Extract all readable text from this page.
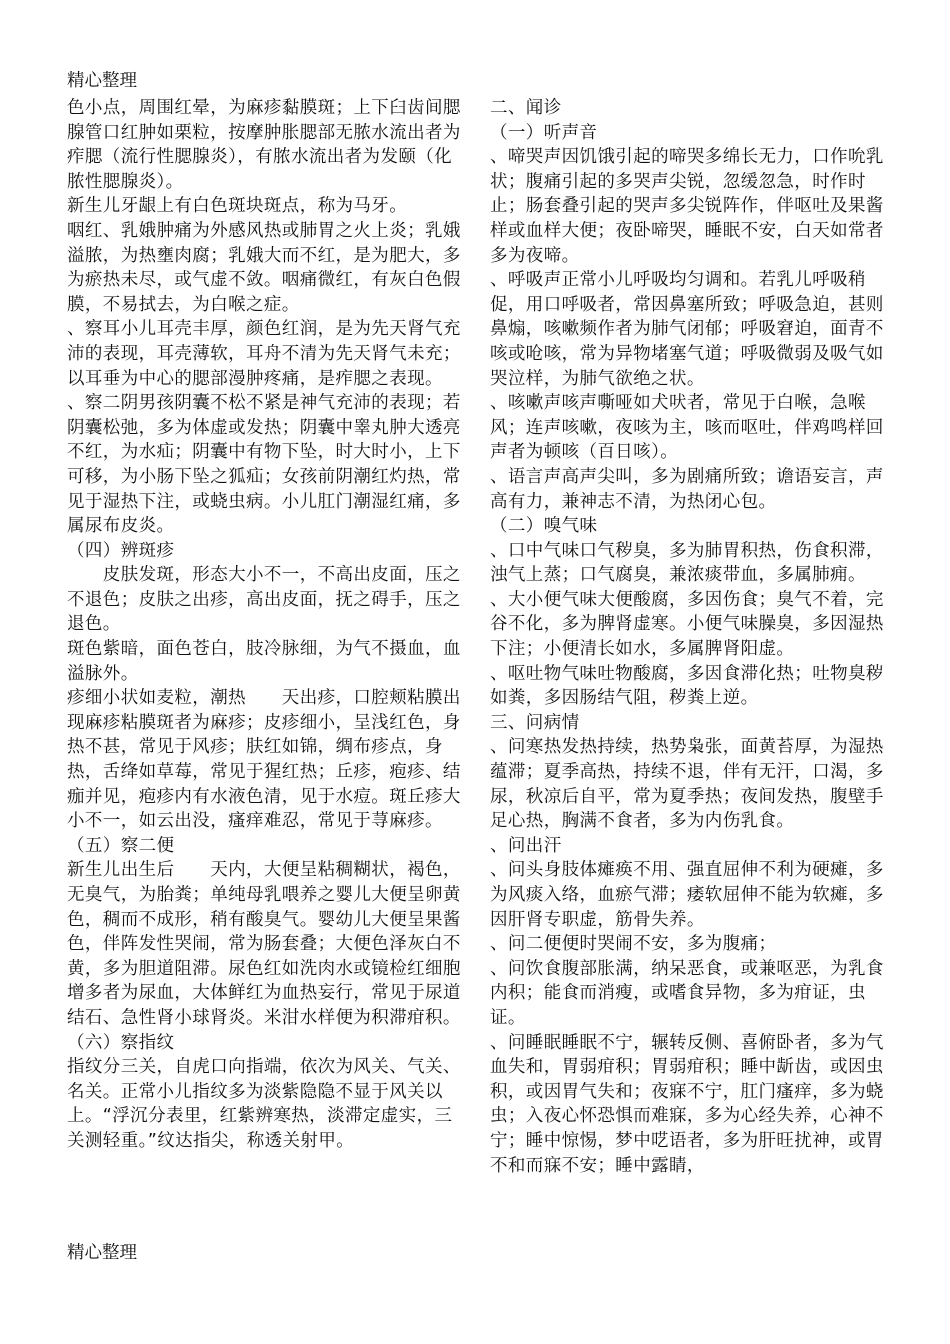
精心整理

色小点，周围红晕，为麻疹黏膜斑；上下臼齿间腮腺管口红肿如栗粒，按摩肿胀腮部无脓水流出者为痄腮（流行性腮腺炎），有脓水流出者为发颐（化脓性腮腺炎）。

新生儿牙龈上有白色斑块斑点，称为马牙。

咽红、乳娥肿痛为外感风热或肺胃之火上炎；乳娥溢脓，为热壅肉腐；乳娥大而不红，是为肥大，多为瘀热未尽，或气虚不敛。咽痛微红，有灰白色假膜，不易拭去，为白喉之症。

、察耳小儿耳壳丰厚，颜色红润，是为先天肾气充沛的表现，耳壳薄软，耳舟不清为先天肾气未充；以耳垂为中心的腮部漫肿疼痛，是痄腮之表现。

、察二阴男孩阴囊不松不紧是神气充沛的表现；若阴囊松弛，多为体虚或发热；阴囊中睾丸肿大透亮不红，为水疝；阴囊中有物下坠，时大时小，上下可移，为小肠下坠之狐疝；女孩前阴潮红灼热，常见于湿热下注，或蛲虫病。小儿肛门潮湿红痛，多属尿布皮炎。

（四）辨斑疹

　　皮肤发斑，形态大小不一，不高出皮面，压之不退色；皮肤之出疹，高出皮面，抚之碍手，压之退色。

斑色紫暗，面色苍白，肢冷脉细，为气不摄血，血溢脉外。

疹细小状如麦粒，潮热　　天出疹，口腔颊粘膜出现麻疹粘膜斑者为麻疹；皮疹细小，呈浅红色，身热不甚，常见于风疹；肤红如锦，绸布疹点，身热，舌绛如草莓，常见于猩红热；丘疹，疱疹、结痂并见，疱疹内有水液色清，见于水痘。斑丘疹大小不一，如云出没，瘙痒难忍，常见于荨麻疹。

（五）察二便

新生儿出生后　　天内，大便呈粘稠糊状，褐色，无臭气，为胎粪；单纯母乳喂养之婴儿大便呈卵黄色，稠而不成形，稍有酸臭气。婴幼儿大便呈果酱色，伴阵发性哭闹，常为肠套叠；大便色泽灰白不黄，多为胆道阻滞。尿色红如洗肉水或镜检红细胞增多者为尿血，大体鲜红为血热妄行，常见于尿道结石、急性肾小球肾炎。米泔水样便为积滞疳积。

（六）察指纹

指纹分三关，自虎口向指端，依次为风关、气关、名关。正常小儿指纹多为淡紫隐隐不显于风关以上。“浮沉分表里，红紫辨寒热，淡滞定虚实，三关测轻重。”纹达指尖，称透关射甲。

二、闻诊

（一）听声音

、啼哭声因饥饿引起的啼哭多绵长无力，口作吮乳状；腹痛引起的多哭声尖锐，忽缓忽急，时作时止；肠套叠引起的哭声多尖锐阵作，伴呕吐及果酱样或血样大便；夜卧啼哭，睡眠不安，白天如常者多为夜啼。

、呼吸声正常小儿呼吸均匀调和。若乳儿呼吸稍促，用口呼吸者，常因鼻塞所致；呼吸急迫，甚则鼻煽，咳嗽频作者为肺气闭郁；呼吸窘迫，面青不咳或呛咳，常为异物堵塞气道；呼吸微弱及吸气如哭泣样，为肺气欲绝之状。

、咳嗽声咳声嘶哑如犬吠者，常见于白喉，急喉风；连声咳嗽，夜咳为主，咳而呕吐，伴鸡鸣样回声者为顿咳（百日咳）。

、语言声高声尖叫，多为剧痛所致；谵语妄言，声高有力，兼神志不清，为热闭心包。

（二）嗅气味

、口中气味口气秽臭，多为肺胃积热，伤食积滞，浊气上蒸；口气腐臭，兼浓痰带血，多属肺痈。

、大小便气味大便酸腐，多因伤食；臭气不着，完谷不化，多为脾肾虚寒。小便气味臊臭，多因湿热下注；小便清长如水，多属脾肾阳虚。

、呕吐物气味吐物酸腐，多因食滞化热；吐物臭秽如粪，多因肠结气阻，秽粪上逆。

三、问病情

、问寒热发热持续，热势枭张，面黄苔厚，为湿热蕴滞；夏季高热，持续不退，伴有无汗，口渴，多尿，秋凉后自平，常为夏季热；夜间发热，腹壁手足心热，胸满不食者，多为内伤乳食。

、问出汗

、问头身肢体瘫痪不用、强直屈伸不利为硬瘫，多为风痰入络，血瘀气滞；痿软屈伸不能为软瘫，多因肝肾专职虚，筋骨失养。

、问二便便时哭闹不安，多为腹痛；

、问饮食腹部胀满，纳呆恶食，或兼呕恶，为乳食内积；能食而消瘦，或嗜食异物，多为疳证，虫证。

、问睡眠睡眠不宁，辗转反侧、喜俯卧者，多为气血失和，胃弱疳积；胃弱疳积；睡中龂齿，或因虫积，或因胃气失和；夜寐不宁，肛门瘙痒，多为蛲虫；入夜心怀恐惧而难寐，多为心经失养，心神不宁；睡中惊惕，梦中呓语者，多为肝旺扰神，或胃不和而寐不安；睡中露睛，

精心整理
